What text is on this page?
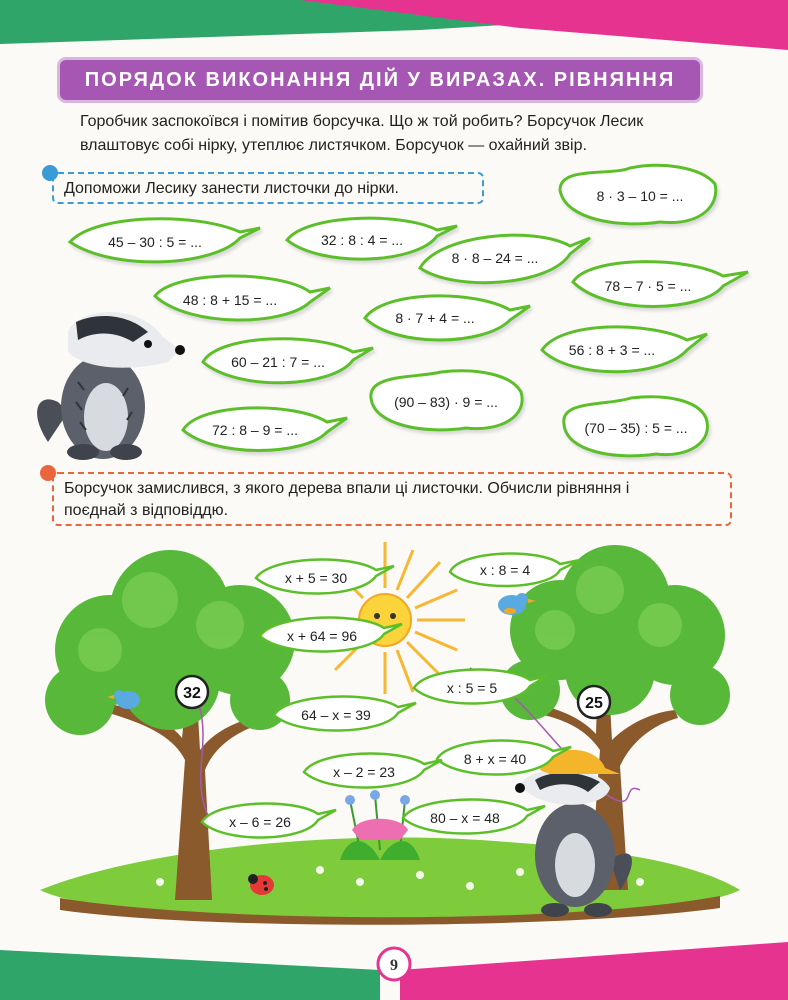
ПОРЯДОК ВИКОНАННЯ ДІЙ У ВИРАЗАХ. РІВНЯННЯ
Горобчик заспокоївся і помітив борсучка. Що ж той робить? Борсучок Лесик
влаштовує собі нірку, утеплює листячком. Борсучок — охайний звір.
Допоможи Лесику занести листочки до нірки.
45 – 30 : 5 = ...	32 : 8 : 4 = ...
8 · 3 – 10 = ...
8 · 8 – 24 = ...
78 – 7 · 5 = ...
48 : 8 + 15 = ...
8 · 7 + 4 = ...
56 : 8 + 3 = ...
60 – 21 : 7 = ...
(90 – 83) · 9 = ...
72 : 8 – 9 = ...	(70 – 35) : 5 = ...
Борсучок замислився, з якого дерева впали ці листочки. Обчисли рівняння і
поєднай з відповіддю.
32
25
x + 5 = 30	x : 8 = 4
x + 64 = 96
x : 5 = 5
64 – x = 39
8 + x = 40
x – 2 = 23
x – 6 = 26	80 – x = 48
9
